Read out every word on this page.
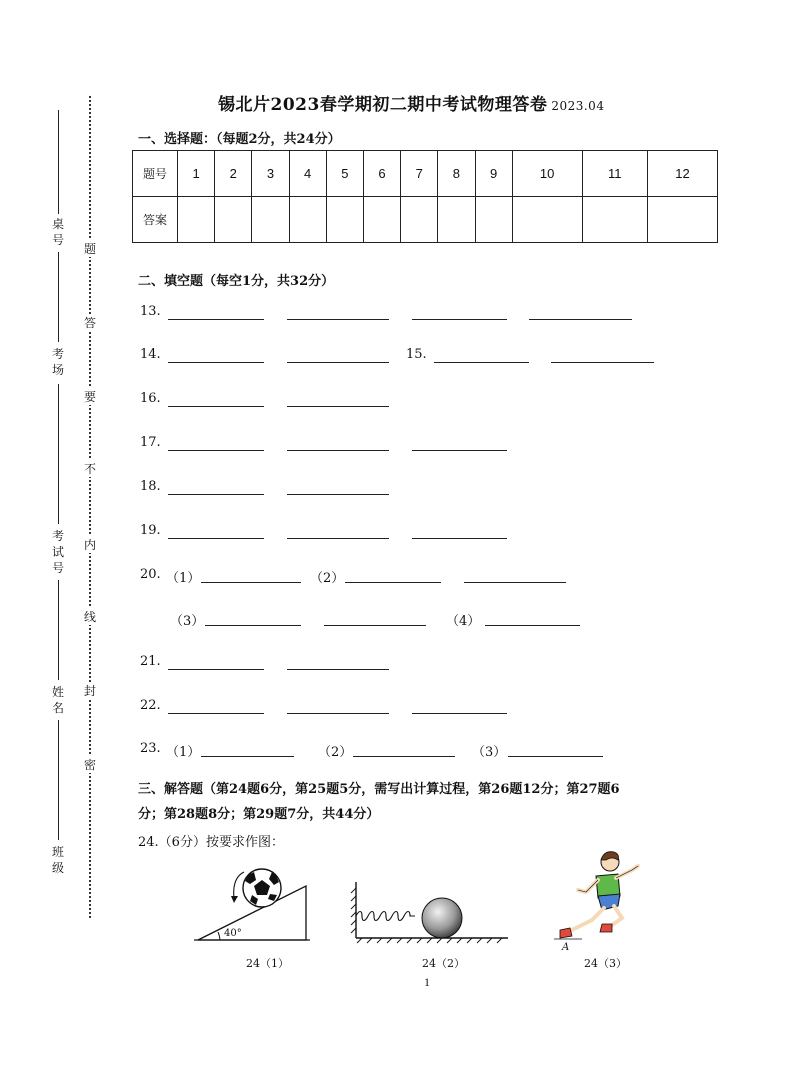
题
答
要
不
内
线
封
密
桌号
考场
考试号
姓名
班级
锡北片2023春学期初二期中考试物理答卷 2023.04
一、选择题：（每题2分，共24分）
题号	1	2	3	4	5	6	7	8	9	10	11	12
答案												
二、填空题（每空1分，共32分）
13.
14.	15.
16.
17.
18.
19.
20. （1）	（2）
（3）	（4）
21.
22.
23. （1）	（2）	（3）
三、解答题（第24题6分，第25题5分，需写出计算过程，第26题12分；第27题6
分；第28题8分；第29题7分，共44分）
24.（6分）按要求作图：
40°
24（1）	24（2）
A
24（3）
1
